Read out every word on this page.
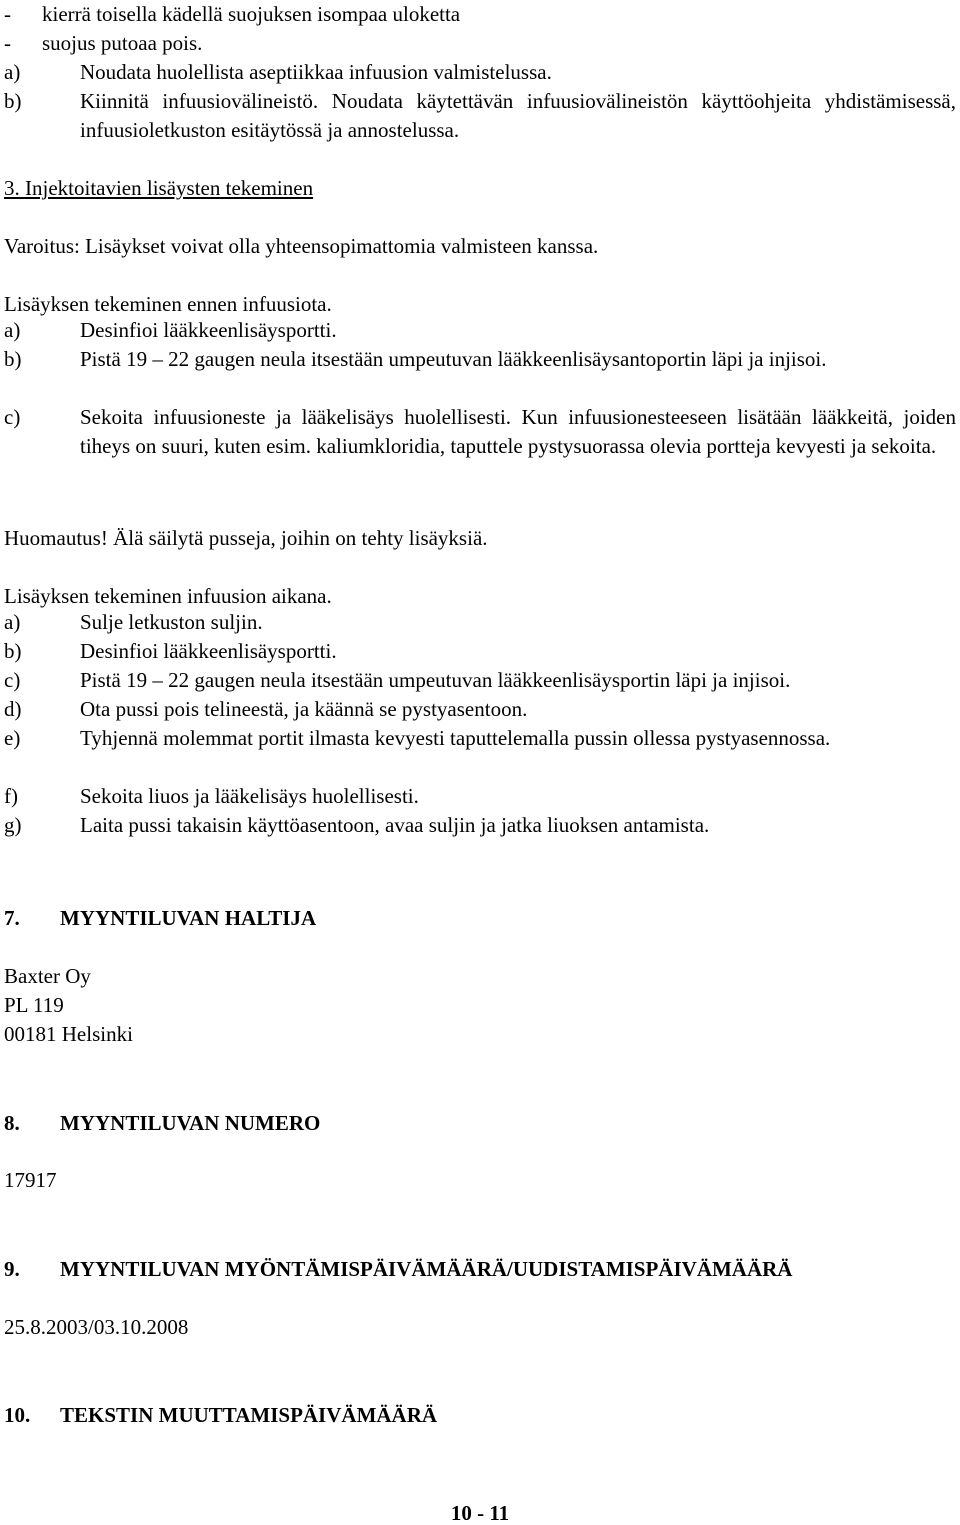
- kierrä toisella kädellä suojuksen isompaa uloketta
- suojus putoaa pois.
a)	Noudata huolellista aseptiikkaa infuusion valmistelussa.
b)	Kiinnitä infuusiovälineistö. Noudata käytettävän infuusiovälineistön käyttöohjeita yhdistämisessä, infuusioletkuston esitäytössä ja annostelussa.
3. Injektoitavien lisäysten tekeminen
Varoitus: Lisäykset voivat olla yhteensopimattomia valmisteen kanssa.
Lisäyksen tekeminen ennen infuusiota.
a)	Desinfioi lääkkeenlisäysportti.
b)	Pistä 19 – 22 gaugen neula itsestään umpeutuvan lääkkeenlisäysantoportin läpi ja injisoi.
c)	Sekoita infuusioneste ja lääkelisäys huolellisesti. Kun infuusionesteeseen lisätään lääkkeitä, joiden tiheys on suuri, kuten esim. kaliumkloridia, taputtele pystysuorassa olevia portteja kevyesti ja sekoita.
Huomautus! Älä säilytä pusseja, joihin on tehty lisäyksiä.
Lisäyksen tekeminen infuusion aikana.
a)	Sulje letkuston suljin.
b)	Desinfioi lääkkeenlisäysportti.
c)	Pistä 19 – 22 gaugen neula itsestään umpeutuvan lääkkeenlisäysportin läpi ja injisoi.
d)	Ota pussi pois telineestä, ja käännä se pystyasentoon.
e)	Tyhjennä molemmat portit ilmasta kevyesti taputtelemalla pussin ollessa pystyasennossa.
f)	Sekoita liuos ja lääkelisäys huolellisesti.
g)	Laita pussi takaisin käyttöasentoon, avaa suljin ja jatka liuoksen antamista.
7. MYYNTILUVAN HALTIJA
Baxter Oy
PL 119
00181 Helsinki
8. MYYNTILUVAN NUMERO
17917
9. MYYNTILUVAN MYÖNTÄMISPÄIVÄMÄÄRÄ/UUDISTAMISPÄIVÄMÄÄRÄ
25.8.2003/03.10.2008
10. TEKSTIN MUUTTAMISPÄIVÄMÄÄRÄ
10 - 11
